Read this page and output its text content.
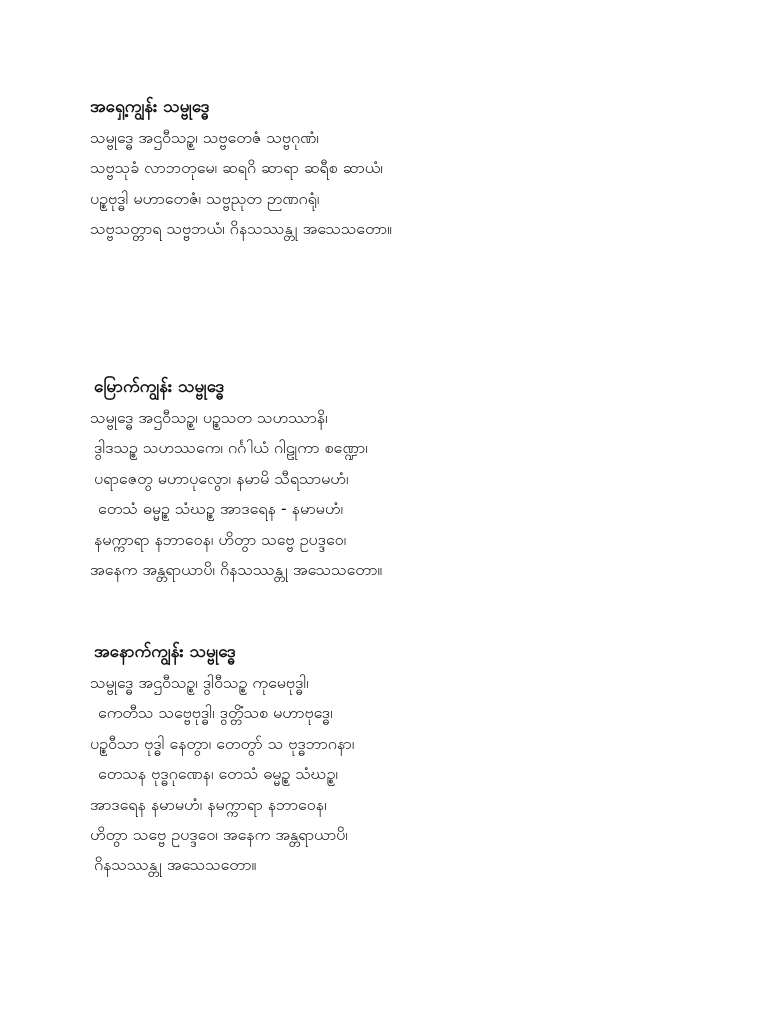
အရှေ့ကျွန်း သမ္ဗုဒ္ဓေ
သမ္ဗုဒ္ဓေ အဌဝီသဉ္စ၊ သဗ္ဗတေဇံ သဗ္ဗဂုဏံ၊
သဗ္ဗသုခံ လာဘတုမေ၊ ဆရဂိ ဆာရာ ဆရီစ ဆာယံ၊
ပဥ္စဗုဒ္ဓါ မဟာတေဇံ၊ သဗ္ဗညုတ ဉာဏဂရုံ၊
သဗ္ဗသတ္တာရ သဗ္ဗဘယံ၊ ဂိနသဿန္တု အသေသတော။
မြောက်ကျွန်း သမ္ဗုဒ္ဓေ
သမ္ဗုဒ္ဓေ အဌဝီသဉ္စ၊ ပဉ္စသတ သဟဿာနိ၊
ဒွါဒသဥ္စ သဟဿကေ၊ ဂင်္ဂါယံ ဂါဠုကာ စဏ္ဍော၊
ပရာဇေတွ မဟာပုလွော၊ နမာမိ သီရသာမဟံ၊
တေသံ ဓမ္မဥ္စ သံဃဥ္စ အာဒရေန - နမာမဟံ၊
နမက္ကာရာ နဘာဝေန၊ ဟိတွာ သဗ္ဗေ ဥပဒ္ဒဝေ၊
အနေက အန္တရာယာပိ၊ ဂိနသဿန္တု အသေသတော။
အနောက်ကျွန်း သမ္ဗုဒ္ဓေ
သမ္ဗုဒ္ဓေ အဌဝီသဉ္စ၊ ဒွါဝီသဉ္စ ကုမေဗုဒ္ဓါ၊
ကေတီသ သဗ္ဗေဗုဒ္ဓါ၊ ဒွတ္တိံသစ မဟာဗုဒ္ဓေ၊
ပဥ္စဝီသာ ဗုဒ္ဓါ နေတွာ၊ တေတွာ် သ ဗုဒ္ဓဘာဂနာ၊
တေသန ဗုဒ္ဓဂုဏေန၊ တေသံ ဓမ္မဥ္စ သံဃဥ္စ၊
အာဒရေန နမာမဟံ၊ နမက္ကာရာ နဘာဝေန၊
ဟိတွာ သဗ္ဗေ ဥပဒ္ဒဝေ၊ အနေက အန္တရာယာပိ၊
ဂိနသဿန္တု အသေသတော။
